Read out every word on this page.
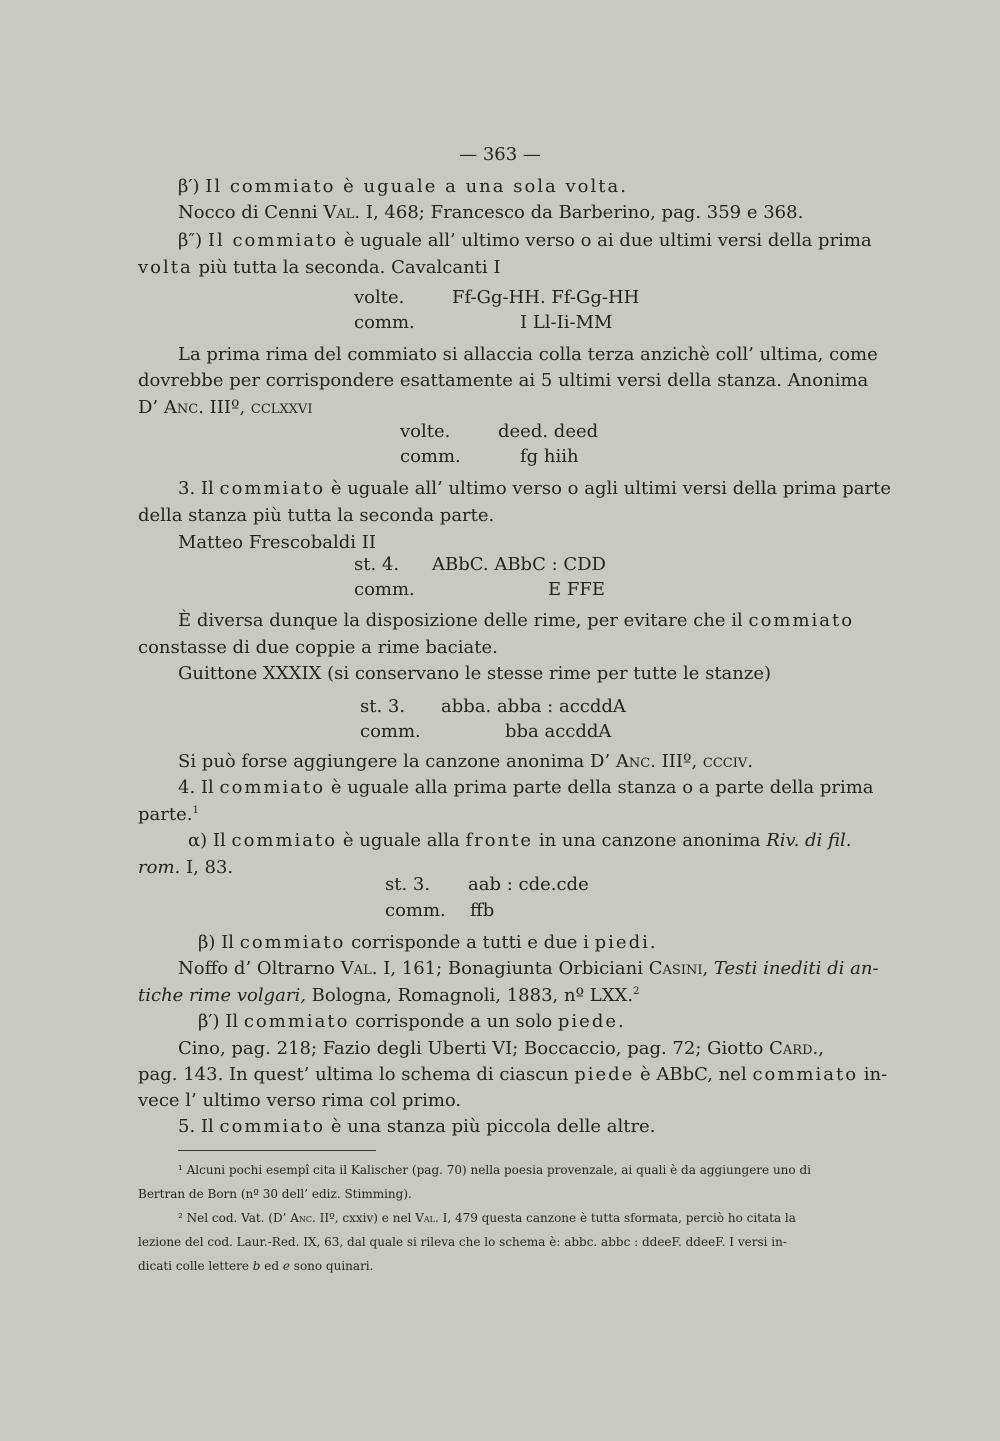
— 363 —
β′) Il commiato è uguale a una sola volta.
Nocco di Cenni Val. I, 468; Francesco da Barberino, pag. 359 e 368.
β″) Il commiato è uguale all’ ultimo verso o ai due ultimi versi della prima
volta più tutta la seconda. Cavalcanti I
volte.	Ff-Gg-HH. Ff-Gg-HH
comm.	I Ll-Ii-MM
La prima rima del commiato si allaccia colla terza anzichè coll’ ultima, come
dovrebbe per corrispondere esattamente ai 5 ultimi versi della stanza. Anonima
D’ Anc. IIIº, cclxxvi
volte.	deed. deed
comm.	fg hiih
3. Il commiato è uguale all’ ultimo verso o agli ultimi versi della prima parte
della stanza più tutta la seconda parte.
Matteo Frescobaldi II
st. 4. ABbC. ABbC : CDD
comm.	E FFE
È diversa dunque la disposizione delle rime, per evitare che il commiato
constasse di due coppie a rime baciate.
Guittone XXXIX (si conservano le stesse rime per tutte le stanze)
st. 3. abba. abba : accddA
comm.	bba accddA
Si può forse aggiungere la canzone anonima D’ Anc. IIIº, ccciv.
4. Il commiato è uguale alla prima parte della stanza o a parte della prima
parte.$^1$
α) Il commiato è uguale alla fronte in una canzone anonima Riv. di fil.
rom. I, 83.
st. 3. aab : cde.cde
comm. ffb
β) Il commiato corrisponde a tutti e due i piedi.
Noffo d’ Oltrarno Val. I, 161; Bonagiunta Orbiciani Casini, Testi inediti di an-
tiche rime volgari, Bologna, Romagnoli, 1883, nº LXX.$^2$
β′) Il commiato corrisponde a un solo piede.
Cino, pag. 218; Fazio degli Uberti VI; Boccaccio, pag. 72; Giotto Card.,
pag. 143. In quest’ ultima lo schema di ciascun piede è ABbC, nel commiato in-
vece l’ ultimo verso rima col primo.
5. Il commiato è una stanza più piccola delle altre.
¹ Alcuni pochi esempî cita il Kalischer (pag. 70) nella poesia provenzale, ai quali è da aggiungere uno di
Bertran de Born (nº 30 dell’ ediz. Stimming).
² Nel cod. Vat. (D’ Anc. IIº, cxxiv) e nel Val. I, 479 questa canzone è tutta sformata, perciò ho citata la
lezione del cod. Laur.-Red. IX, 63, dal quale si rileva che lo schema è: abbc. abbc : ddeeF. ddeeF. I versi in-
dicati colle lettere b ed e sono quinari.
